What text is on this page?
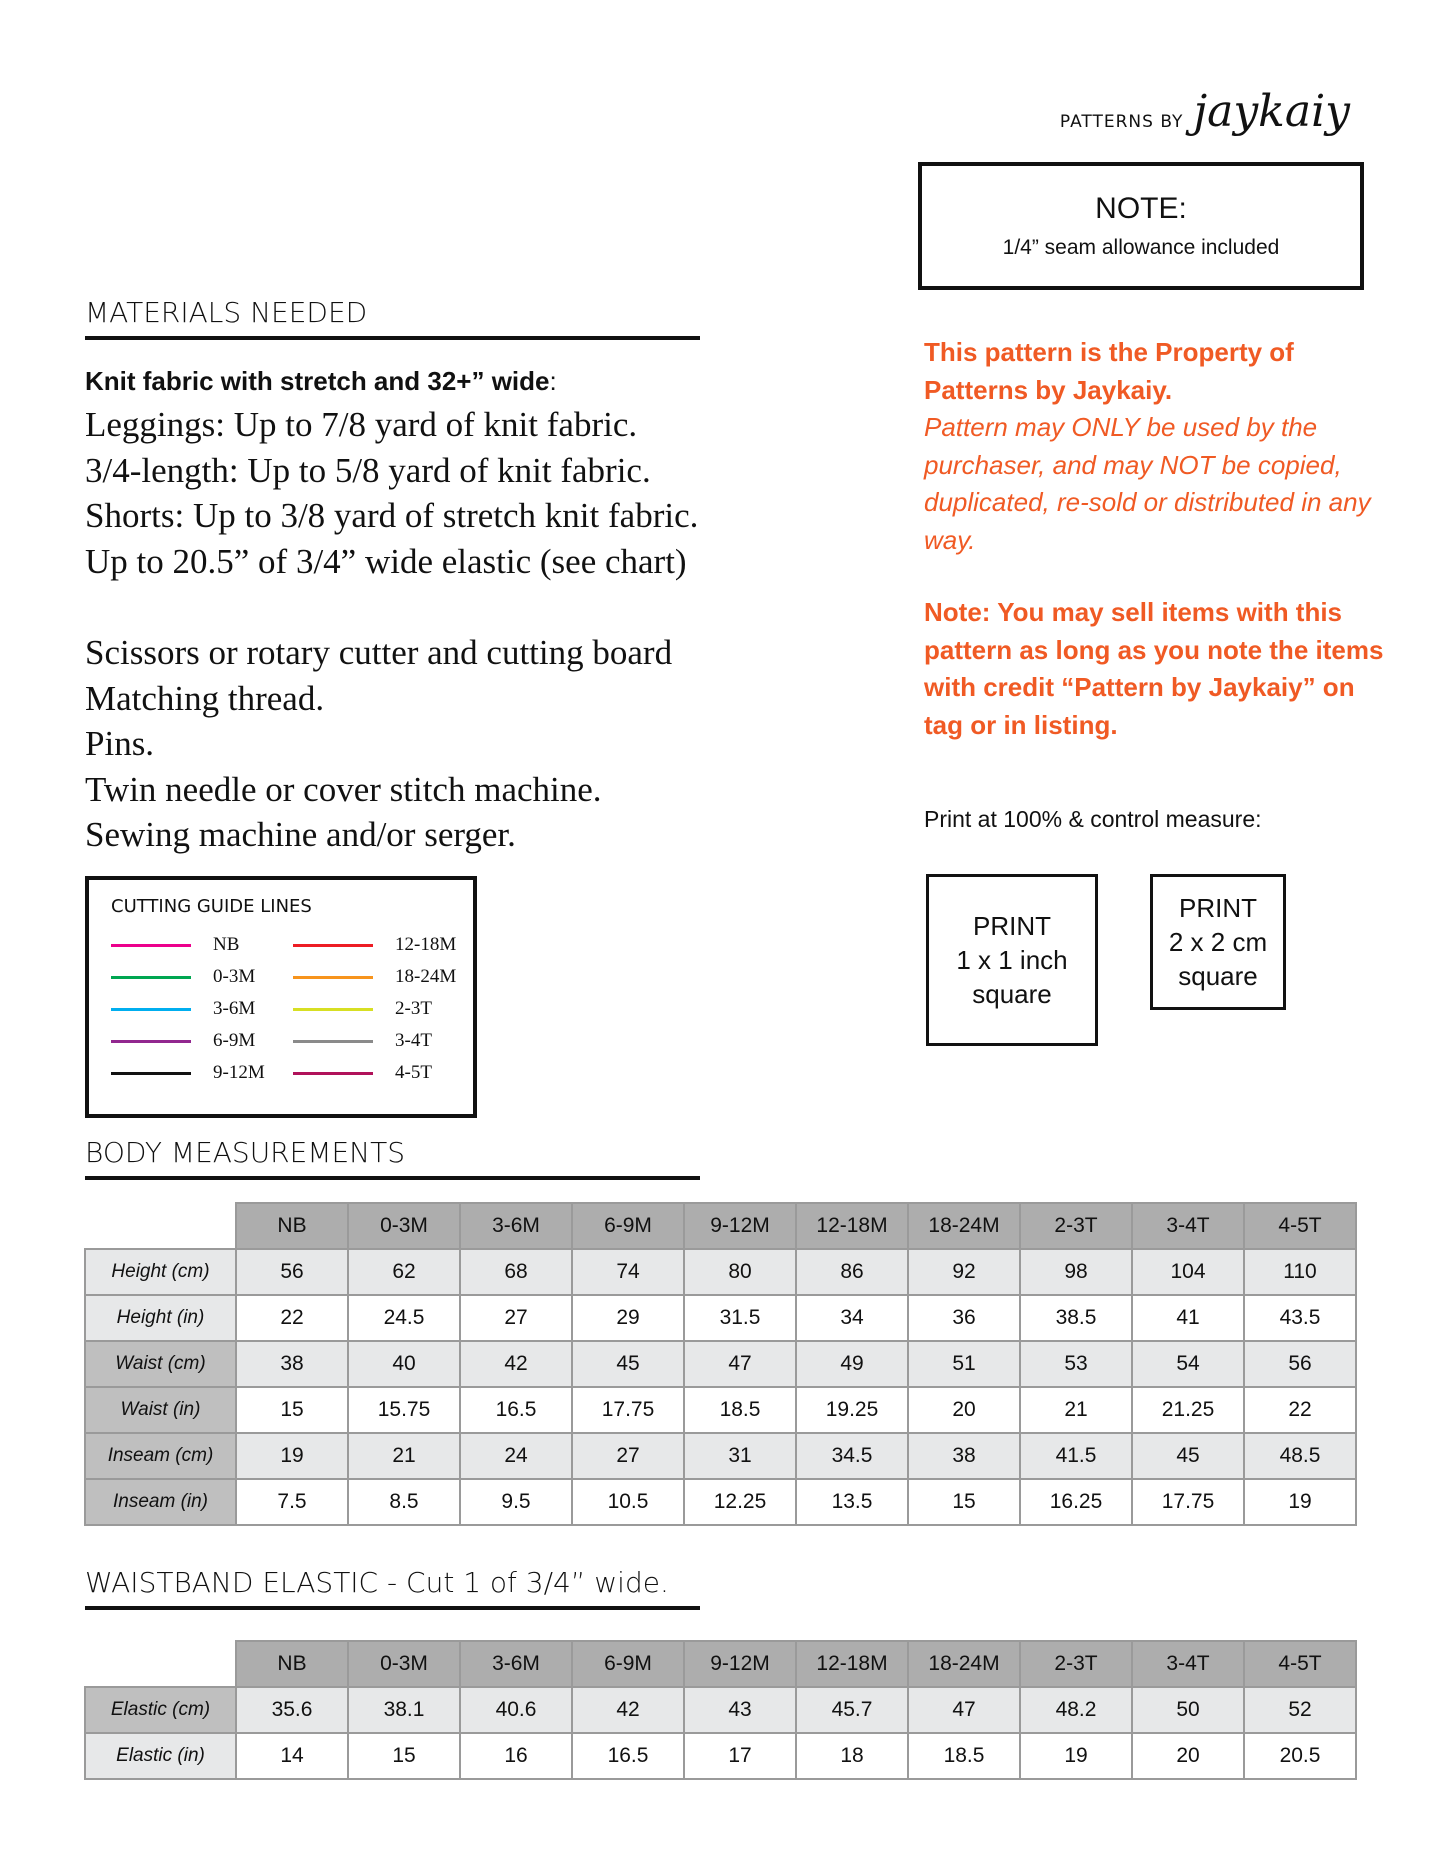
PATTERNS BY jaykaiy
NOTE:
1/4” seam allowance included
MATERIALS NEEDED
Knit fabric with stretch and 32+” wide:
Leggings: Up to 7/8 yard of knit fabric.
3/4-length: Up to 5/8 yard of knit fabric.
Shorts: Up to 3/8 yard of stretch knit fabric.
Up to 20.5” of 3/4” wide elastic (see chart)
Scissors or rotary cutter and cutting board
Matching thread.
Pins.
Twin needle or cover stitch machine.
Sewing machine and/or serger.
This pattern is the Property of Patterns by Jaykaiy.
Pattern may ONLY be used by the purchaser, and may NOT be copied, duplicated, re-sold or distributed in any way.
Note: You may sell items with this pattern as long as you note the items with credit “Pattern by Jaykaiy” on tag or in listing.
Print at 100% & control measure:
PRINT
1 x 1 inch
square
PRINT
2 x 2 cm
square
CUTTING GUIDE LINES
NB
0-3M
3-6M
6-9M
9-12M
12-18M
18-24M
2-3T
3-4T
4-5T
BODY MEASUREMENTS
	NB	0-3M	3-6M	6-9M	9-12M	12-18M	18-24M	2-3T	3-4T	4-5T
Height (cm)	56	62	68	74	80	86	92	98	104	110
Height (in)	22	24.5	27	29	31.5	34	36	38.5	41	43.5
Waist (cm)	38	40	42	45	47	49	51	53	54	56
Waist (in)	15	15.75	16.5	17.75	18.5	19.25	20	21	21.25	22
Inseam (cm)	19	21	24	27	31	34.5	38	41.5	45	48.5
Inseam (in)	7.5	8.5	9.5	10.5	12.25	13.5	15	16.25	17.75	19
WAISTBAND ELASTIC - Cut 1 of 3/4” wide.
	NB	0-3M	3-6M	6-9M	9-12M	12-18M	18-24M	2-3T	3-4T	4-5T
Elastic (cm)	35.6	38.1	40.6	42	43	45.7	47	48.2	50	52
Elastic (in)	14	15	16	16.5	17	18	18.5	19	20	20.5
